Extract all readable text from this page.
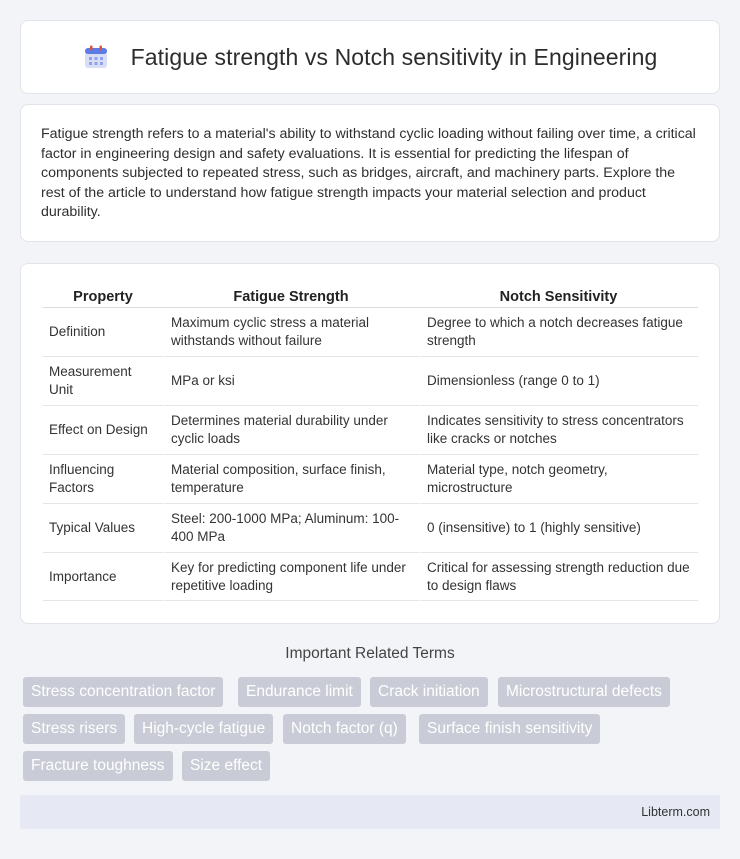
Fatigue strength vs Notch sensitivity in Engineering

Fatigue strength refers to a material's ability to withstand cyclic loading without failing over time, a critical factor in engineering design and safety evaluations. It is essential for predicting the lifespan of components subjected to repeated stress, such as bridges, aircraft, and machinery parts. Explore the rest of the article to understand how fatigue strength impacts your material selection and product durability.

Property	Fatigue Strength	Notch Sensitivity
Definition	Maximum cyclic stress a material withstands without failure	Degree to which a notch decreases fatigue strength
Measurement Unit	MPa or ksi	Dimensionless (range 0 to 1)
Effect on Design	Determines material durability under cyclic loads	Indicates sensitivity to stress concentrators like cracks or notches
Influencing Factors	Material composition, surface finish, temperature	Material type, notch geometry, microstructure
Typical Values	Steel: 200-1000 MPa; Aluminum: 100-400 MPa	0 (insensitive) to 1 (highly sensitive)
Importance	Key for predicting component life under repetitive loading	Critical for assessing strength reduction due to design flaws
Important Related Terms
Stress concentration factor	Endurance limit	Crack initiation	Microstructural defects
Stress risers	High-cycle fatigue	Notch factor (q)	Surface finish sensitivity
Fracture toughness	Size effect
Libterm.com
